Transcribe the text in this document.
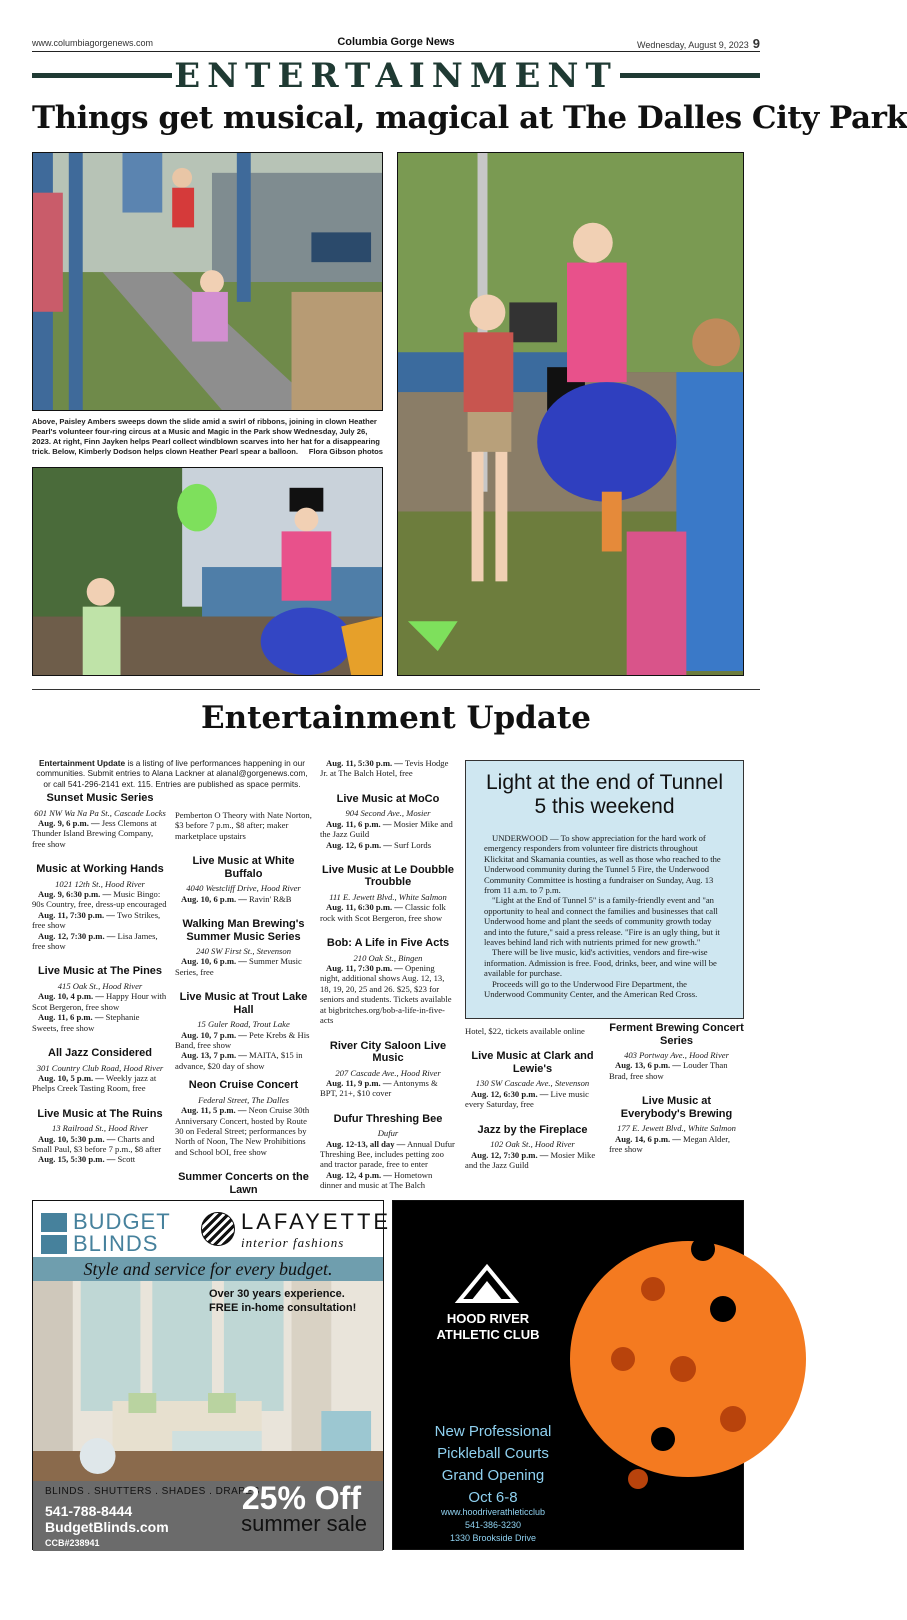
www.columbiagorgenews.com	Columbia Gorge News	Wednesday, August 9, 2023 9
ENTERTAINMENT
Things get musical, magical at The Dalles City Park
Above, Paisley Ambers sweeps down the slide amid a swirl of ribbons, joining in clown Heather Pearl's volunteer four-ring circus at a Music and Magic in the Park show Wednesday, July 26, 2023. At right, Finn Jayken helps Pearl collect windblown scarves into her hat for a disappearing trick. Below, Kimberly Dodson helps clown Heather Pearl spear a balloon. Flora Gibson photos
Entertainment Update
Entertainment Update is a listing of live performances happening in our communities. Submit entries to Alana Lackner at alanal@gorgenews.com, or call 541-296-2141 ext. 115. Entries are published as space permits.
Sunset Music Series
601 NW Wa Na Pa St., Cascade Locks
Aug. 9, 6 p.m. — Jess Clemons at Thunder Island Brewing Company, free show
Music at Working Hands
1021 12th St., Hood River
Aug. 9, 6:30 p.m. — Music Bingo: 90s Country, free, dress-up encouraged
Aug. 11, 7:30 p.m. — Two Strikes, free show
Aug. 12, 7:30 p.m. — Lisa James, free show
Live Music at The Pines
415 Oak St., Hood River
Aug. 10, 4 p.m. — Happy Hour with Scot Bergeron, free show
Aug. 11, 6 p.m. — Stephanie Sweets, free show
All Jazz Considered
301 Country Club Road, Hood River
Aug. 10, 5 p.m. — Weekly jazz at Phelps Creek Tasting Room, free
Live Music at The Ruins
13 Railroad St., Hood River
Aug. 10, 5:30 p.m. — Charts and Small Paul, $3 before 7 p.m., $8 after
Aug. 15, 5:30 p.m. — Scott
Pemberton O Theory with Nate Norton, $3 before 7 p.m., $8 after; maker marketplace upstairs
Live Music at White Buffalo
4040 Westcliff Drive, Hood River
Aug. 10, 6 p.m. — Ravin' R&B
Walking Man Brewing's Summer Music Series
240 SW First St., Stevenson
Aug. 10, 6 p.m. — Summer Music Series, free
Live Music at Trout Lake Hall
15 Guler Road, Trout Lake
Aug. 10, 7 p.m. — Pete Krebs & His Band, free show
Aug. 13, 7 p.m. — MAITA, $15 in advance, $20 day of show
Neon Cruise Concert
Federal Street, The Dalles
Aug. 11, 5 p.m. — Neon Cruise 30th Anniversary Concert, hosted by Route 30 on Federal Street; performances by North of Noon, The New Prohibitions and School bOI, free show
Summer Concerts on the Lawn
Aug. 11, 5:30 p.m. — Tevis Hodge Jr. at The Balch Hotel, free
Live Music at MoCo
904 Second Ave., Mosier
Aug. 11, 6 p.m. — Mosier Mike and the Jazz Guild
Aug. 12, 6 p.m. — Surf Lords
Live Music at Le Doubble Troubble
111 E. Jewett Blvd., White Salmon
Aug. 11, 6:30 p.m. — Classic folk rock with Scot Bergeron, free show
Bob: A Life in Five Acts
210 Oak St., Bingen
Aug. 11, 7:30 p.m. — Opening night, additional shows Aug. 12, 13, 18, 19, 20, 25 and 26. $25, $23 for seniors and students. Tickets available at bigbritches.org/bob-a-life-in-five-acts
River City Saloon Live Music
207 Cascade Ave., Hood River
Aug. 11, 9 p.m. — Antonyms & BPT, 21+, $10 cover
Dufur Threshing Bee
Dufur
Aug. 12-13, all day — Annual Dufur Threshing Bee, includes petting zoo and tractor parade, free to enter
Aug. 12, 4 p.m. — Hometown dinner and music at The Balch
Light at the end of Tunnel 5 this weekend

UNDERWOOD — To show appreciation for the hard work of emergency responders from volunteer fire districts throughout Klickitat and Skamania counties, as well as those who reached to the Underwood community during the Tunnel 5 Fire, the Underwood Community Committee is hosting a fundraiser on Sunday, Aug. 13 from 11 a.m. to 7 p.m.

"Light at the End of Tunnel 5" is a family-friendly event and "an opportunity to heal and connect the families and businesses that call Underwood home and plant the seeds of community growth today and into the future," said a press release. "Fire is an ugly thing, but it leaves behind land rich with nutrients primed for new growth."

There will be live music, kid's activities, vendors and fire-wise information. Admission is free. Food, drinks, beer, and wine will be available for purchase.

Proceeds will go to the Underwood Fire Department, the Underwood Community Center, and the American Red Cross.

Hotel, $22, tickets available online
Live Music at Clark and Lewie's
130 SW Cascade Ave., Stevenson
Aug. 12, 6:30 p.m. — Live music every Saturday, free
Jazz by the Fireplace
102 Oak St., Hood River
Aug. 12, 7:30 p.m. — Mosier Mike and the Jazz Guild
Ferment Brewing Concert Series
403 Portway Ave., Hood River
Aug. 13, 6 p.m. — Louder Than Brad, free show
Live Music at Everybody's Brewing
177 E. Jewett Blvd., White Salmon
Aug. 14, 6 p.m. — Megan Alder, free show
BUDGET
BLINDS
LAFAYETTE
interior fashions
Style and service for every budget.
Over 30 years experience.
FREE in-home consultation!
BLINDS . SHUTTERS . SHADES . DRAPES
541-788-8444
BudgetBlinds.com
CCB#238941
25% Off
summer sale
HOOD RIVER
ATHLETIC CLUB
New Professional
Pickleball Courts
Grand Opening
Oct 6-8
www.hoodriverathleticclub
541-386-3230
1330 Brookside Drive
